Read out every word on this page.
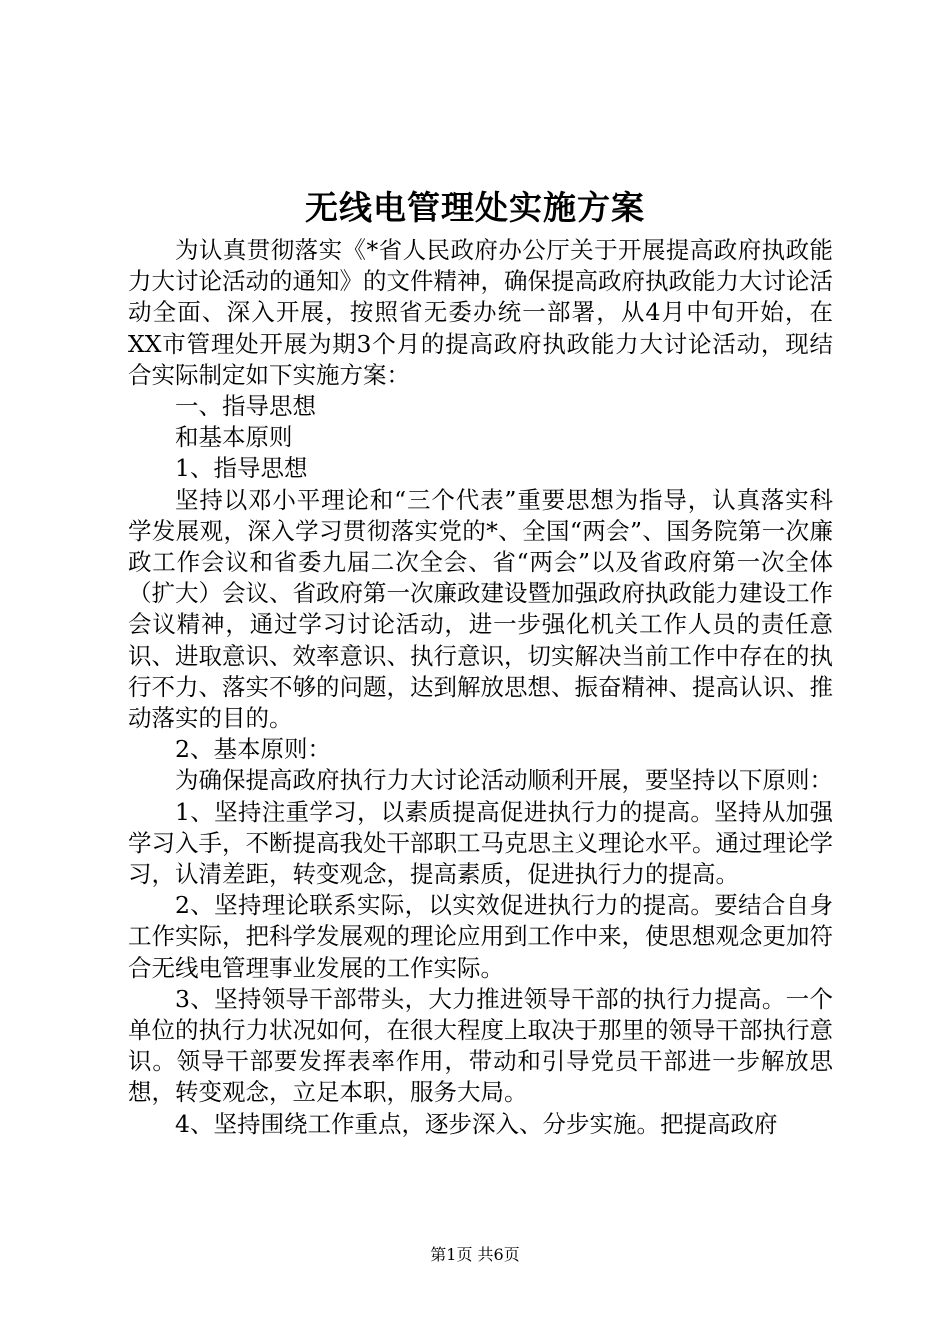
无线电管理处实施方案

为认真贯彻落实《*省人民政府办公厅关于开展提高政府执政能力大讨论活动的通知》的文件精神，确保提高政府执政能力大讨论活动全面、深入开展，按照省无委办统一部署，从4月中旬开始，在XX市管理处开展为期3个月的提高政府执政能力大讨论活动，现结合实际制定如下实施方案：

一、指导思想

和基本原则

1、指导思想

坚持以邓小平理论和“三个代表”重要思想为指导，认真落实科学发展观，深入学习贯彻落实党的*、全国“两会”、国务院第一次廉政工作会议和省委九届二次全会、省“两会”以及省政府第一次全体（扩大）会议、省政府第一次廉政建设暨加强政府执政能力建设工作会议精神，通过学习讨论活动，进一步强化机关工作人员的责任意识、进取意识、效率意识、执行意识，切实解决当前工作中存在的执行不力、落实不够的问题，达到解放思想、振奋精神、提高认识、推动落实的目的。

2、基本原则：

为确保提高政府执行力大讨论活动顺利开展，要坚持以下原则：

1、坚持注重学习，以素质提高促进执行力的提高。坚持从加强学习入手，不断提高我处干部职工马克思主义理论水平。通过理论学习，认清差距，转变观念，提高素质，促进执行力的提高。

2、坚持理论联系实际，以实效促进执行力的提高。要结合自身工作实际，把科学发展观的理论应用到工作中来，使思想观念更加符合无线电管理事业发展的工作实际。

3、坚持领导干部带头，大力推进领导干部的执行力提高。一个单位的执行力状况如何，在很大程度上取决于那里的领导干部执行意识。领导干部要发挥表率作用，带动和引导党员干部进一步解放思想，转变观念，立足本职，服务大局。

4、坚持围绕工作重点，逐步深入、分步实施。把提高政府

第1页 共6页
